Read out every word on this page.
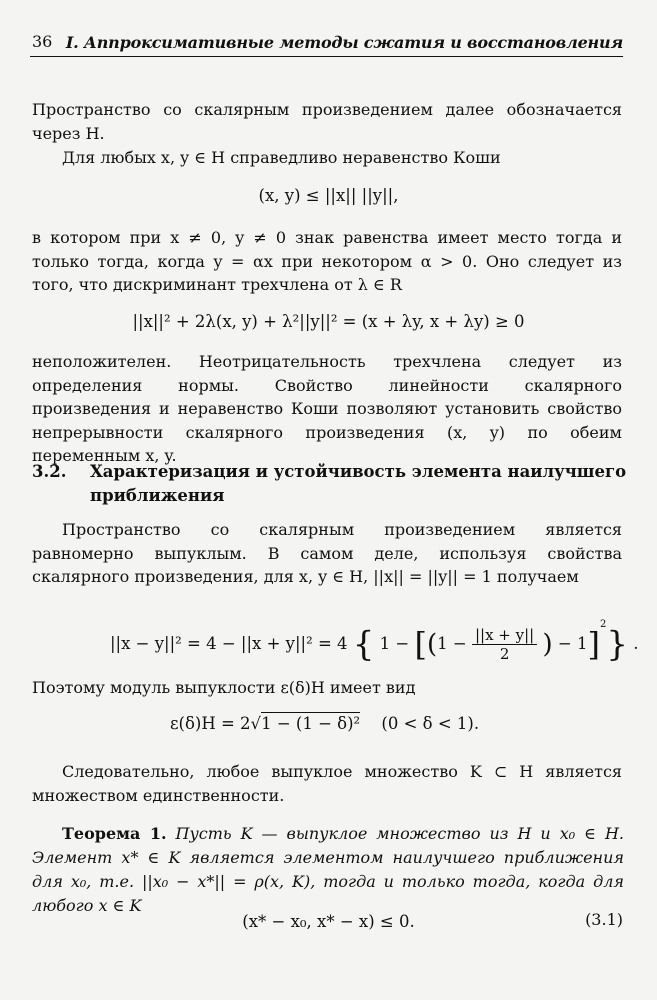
36 I. Аппроксимативные методы сжатия и восстановления
Пространство со скалярным произведением далее обозначается через H.
Для любых x, y ∈ H справедливо неравенство Коши
(x, y) ≤ ||x|| ||y||,
в котором при x ≠ 0, y ≠ 0 знак равенства имеет место тогда и только тогда, когда y = αx при некотором α > 0. Оно следует из того, что дискриминант трехчлена от λ ∈ R
||x||² + 2λ(x, y) + λ²||y||² = (x + λy, x + λy) ≥ 0
неположителен. Неотрицательность трехчлена следует из определения нормы. Свойство линейности скалярного произведения и неравенство Коши позволяют установить свойство непрерывности скалярного произведения (x, y) по обеим переменным x, y.
3.2. Характеризация и устойчивость элемента наилучшего приближения
Пространство со скалярным произведением является равномерно выпуклым. В самом деле, используя свойства скалярного произведения, для x, y ∈ H, ||x|| = ||y|| = 1 получаем
||x − y||² = 4 − ||x + y||² = 4 { $1 - [(1 - \frac{||x + y||}{2}$ ) − 1]$^2$} .
Поэтому модуль выпуклости ε(δ)H имеет вид
ε(δ)H = 2√1 − (1 − δ)² (0 < δ < 1).
Следовательно, любое выпуклое множество K ⊂ H является множеством единственности.
Теорема 1. Пусть K — выпуклое множество из H и x₀ ∈ H. Элемент x* ∈ K является элементом наилучшего приближения для x₀, т.е. ||x₀ − x*|| = ρ(x, K), тогда и только тогда, когда для любого x ∈ K
(x* − x₀, x* − x) ≤ 0.	(3.1)
